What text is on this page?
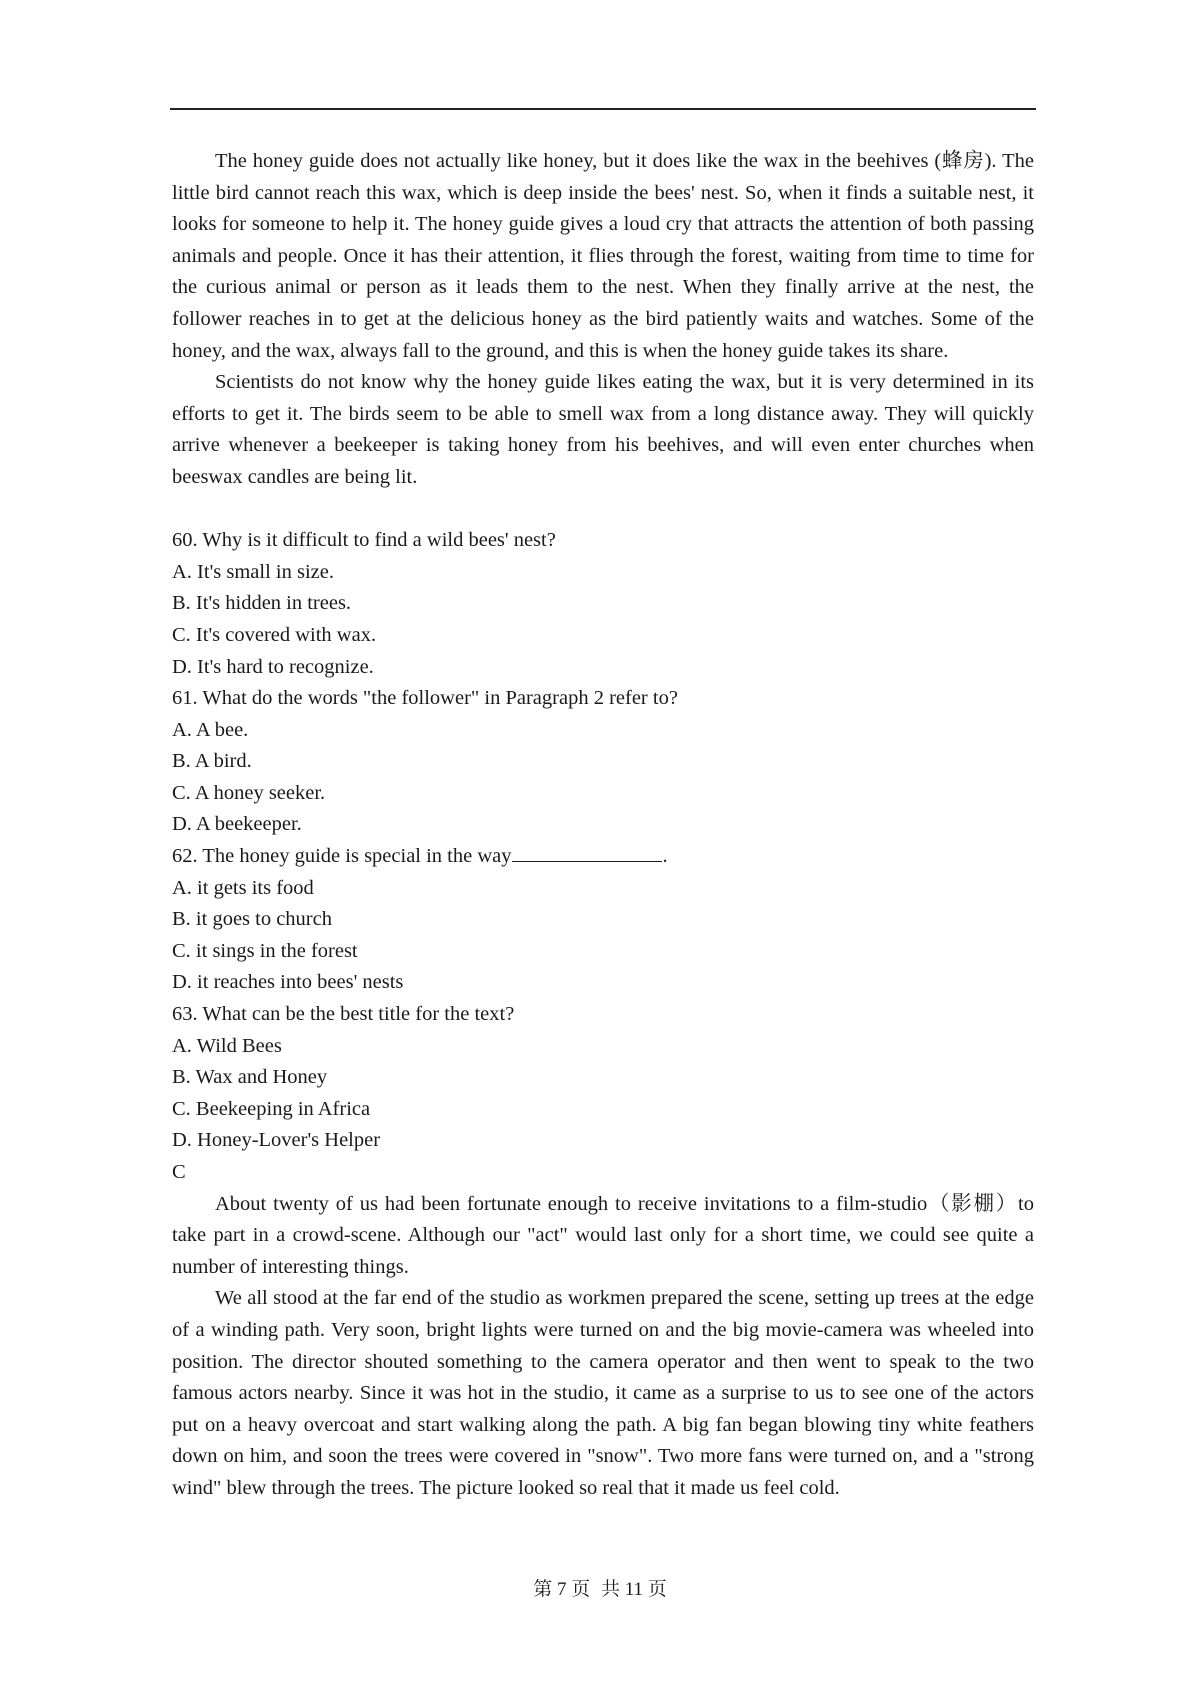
The honey guide does not actually like honey, but it does like the wax in the beehives (蜂房). The little bird cannot reach this wax, which is deep inside the bees' nest. So, when it finds a suitable nest, it looks for someone to help it. The honey guide gives a loud cry that attracts the attention of both passing animals and people. Once it has their attention, it flies through the forest, waiting from time to time for the curious animal or person as it leads them to the nest. When they finally arrive at the nest, the follower reaches in to get at the delicious honey as the bird patiently waits and watches. Some of the honey, and the wax, always fall to the ground, and this is when the honey guide takes its share.

Scientists do not know why the honey guide likes eating the wax, but it is very determined in its efforts to get it. The birds seem to be able to smell wax from a long distance away. They will quickly arrive whenever a beekeeper is taking honey from his beehives, and will even enter churches when beeswax candles are being lit.

60. Why is it difficult to find a wild bees' nest?

A. It's small in size.

B. It's hidden in trees.

C. It's covered with wax.

D. It's hard to recognize.

61. What do the words "the follower" in Paragraph 2 refer to?

A. A bee.

B. A bird.

C. A honey seeker.

D. A beekeeper.

62. The honey guide is special in the way	.

A. it gets its food

B. it goes to church

C. it sings in the forest

D. it reaches into bees' nests

63. What can be the best title for the text?

A. Wild Bees

B. Wax and Honey

C. Beekeeping in Africa

D. Honey-Lover's Helper

C

About twenty of us had been fortunate enough to receive invitations to a film-studio（影棚）to take part in a crowd-scene. Although our "act" would last only for a short time, we could see quite a number of interesting things.

We all stood at the far end of the studio as workmen prepared the scene, setting up trees at the edge of a winding path. Very soon, bright lights were turned on and the big movie-camera was wheeled into position. The director shouted something to the camera operator and then went to speak to the two famous actors nearby. Since it was hot in the studio, it came as a surprise to us to see one of the actors put on a heavy overcoat and start walking along the path. A big fan began blowing tiny white feathers down on him, and soon the trees were covered in "snow". Two more fans were turned on, and a "strong wind" blew through the trees. The picture looked so real that it made us feel cold.

第 7 页 共 11 页
